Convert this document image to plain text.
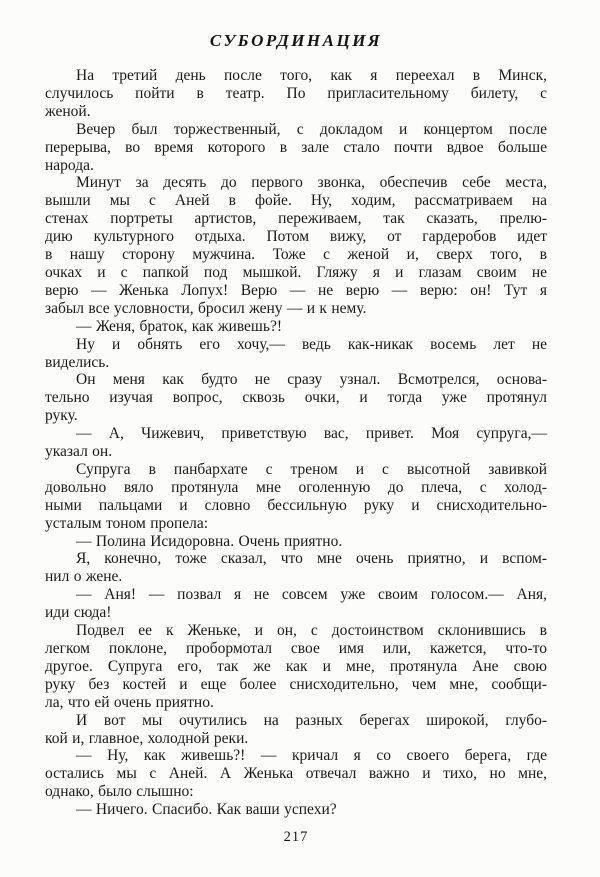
СУБОРДИНАЦИЯ

На третий день после того, как я переехал в Минск,
случилось пойти в театр. По пригласительному билету, с
женой.

Вечер был торжественный, с докладом и концертом после
перерыва, во время которого в зале стало почти вдвое больше
народа.

Минут за десять до первого звонка, обеспечив себе места,
вышли мы с Аней в фойе. Ну, ходим, рассматриваем на
стенах портреты артистов, переживаем, так сказать, прелю-
дию культурного отдыха. Потом вижу, от гардеробов идет
в нашу сторону мужчина. Тоже с женой и, сверх того, в
очках и с папкой под мышкой. Гляжу я и глазам своим не
верю — Женька Лопух! Верю — не верю — верю: он! Тут я
забыл все условности, бросил жену — и к нему.

— Женя, браток, как живешь?!

Ну и обнять его хочу,— ведь как-никак восемь лет не
виделись.

Он меня как будто не сразу узнал. Всмотрелся, основа-
тельно изучая вопрос, сквозь очки, и тогда уже протянул
руку.

— А, Чижевич, приветствую вас, привет. Моя супруга,—
указал он.

Супруга в панбархате с треном и с высотной завивкой
довольно вяло протянула мне оголенную до плеча, с холод-
ными пальцами и словно бессильную руку и снисходительно-
усталым тоном пропела:

— Полина Исидоровна. Очень приятно.

Я, конечно, тоже сказал, что мне очень приятно, и вспом-
нил о жене.

— Аня! — позвал я не совсем уже своим голосом.— Аня,
иди сюда!

Подвел ее к Женьке, и он, с достоинством склонившись в
легком поклоне, пробормотал свое имя или, кажется, что-то
другое. Супруга его, так же как и мне, протянула Ане свою
руку без костей и еще более снисходительно, чем мне, сообщи-
ла, что ей очень приятно.

И вот мы очутились на разных берегах широкой, глубо-
кой и, главное, холодной реки.

— Ну, как живешь?! — кричал я со своего берега, где
остались мы с Аней. А Женька отвечал важно и тихо, но мне,
однако, было слышно:

— Ничего. Спасибо. Как ваши успехи?

217
